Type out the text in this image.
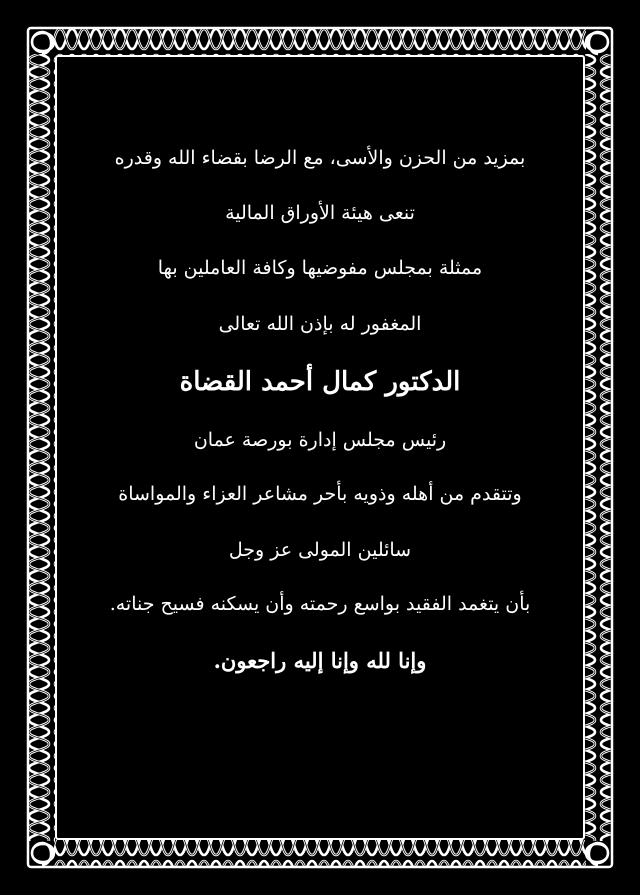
بمزيد من الحزن والأسى، مع الرضا بقضاء الله وقدره
تنعى هيئة الأوراق المالية
ممثلة بمجلس مفوضيها وكافة العاملين بها
المغفور له بإذن الله تعالى
الدكتور كمال أحمد القضاة
رئيس مجلس إدارة بورصة عمان
وتتقدم من أهله وذويه بأحر مشاعر العزاء والمواساة
سائلين المولى عز وجل
بأن يتغمد الفقيد بواسع رحمته وأن يسكنه فسيح جناته.
وإنا لله وإنا إليه راجعون.
